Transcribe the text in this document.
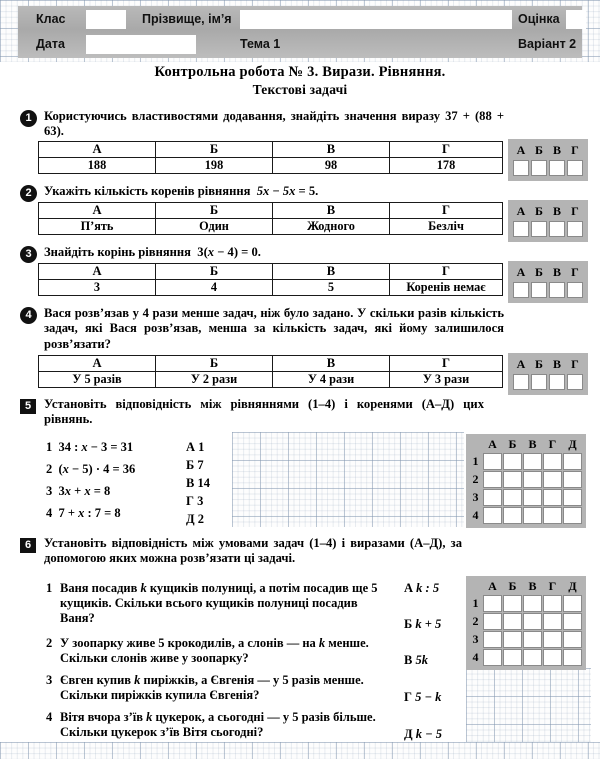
Клас	Прізвище, ім’я	Оцінка
Дата	Тема 1	Варіант 2
Контрольна робота № 3. Вирази. Рівняння.
Текстові задачі
1 Користуючись властивостями додавання, знайдіть значення виразу 37 + (88 + 63).
А	Б	В	Г
188	198	98	178
А	Б	В	Г

2 Укажіть кількість коренів рівняння  5x − 5x = 5.
А	Б	В	Г
П’ять	Один	Жодного	Безліч
А	Б	В	Г

3 Знайдіть корінь рівняння  3(x − 4) = 0.
А	Б	В	Г
3	4	5	Коренів немає
А	Б	В	Г

4 Вася розв’язав у 4 рази менше задач, ніж було задано. У скільки разів кількість задач, які Вася розв’язав, менша за кількість задач, які йому залишилося розв’язати?
А	Б	В	Г
У 5 разів	У 2 рази	У 4 рази	У 3 рази
А	Б	В	Г

5	Установіть відповідність між рівняннями (1–4) і коренями (А–Д) цих рівнянь.
1  34 : x − 3 = 31
2  (x − 5) · 4 = 36
3  3x + x = 8
4  7 + x : 7 = 8
А 1
Б 7
В 14
Г 3
Д 2
	А	Б	В	Г	Д
1					
2					
3					
4					
6	Установіть відповідність між умовами задач (1–4) і виразами (А–Д), за допомогою яких можна розв’язати ці задачі.
1 Ваня посадив k кущиків полуниці, а потім посадив ще 5 кущиків. Скільки всього кущиків полуниці посадив Ваня?
2 У зоопарку живе 5 крокодилів, а слонів — на k менше. Скільки слонів живе у зоопарку?
3 Євген купив k пиріжків, а Євгенія — у 5 разів менше. Скільки пиріжків купила Євгенія?
4 Вітя вчора з’їв k цукерок, а сьогодні — у 5 разів більше. Скільки цукерок з’їв Вітя сьогодні?
А k : 5
Б k + 5
В 5k
Г 5 − k
Д k − 5
	А	Б	В	Г	Д
1					
2					
3					
4					
